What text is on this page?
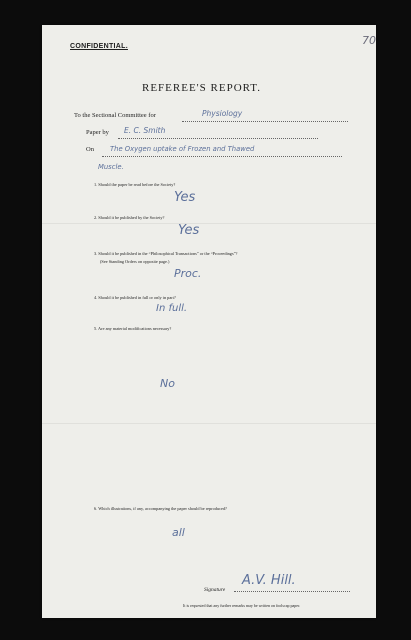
70
CONFIDENTIAL.
REFEREE'S REPORT.
To the Sectional Committee for	Physiology
Paper by E. C. Smith
On The Oxygen uptake of Frozen and Thawed
Muscle.
1. Should the paper be read before the Society?
Yes
2. Should it be published by the Society?
Yes
3. Should it be published in the “Philosophical Transactions” or the “Proceedings”?
(See Standing Orders on opposite page.)
Proc.
4. Should it be published in full or only in part?
In full.
5. Are any material modifications necessary?
No
6. Which illustrations, if any, accompanying the paper should be reproduced?
all
Signature
A.V. Hill.
It is requested that any further remarks may be written on foolscap paper.
